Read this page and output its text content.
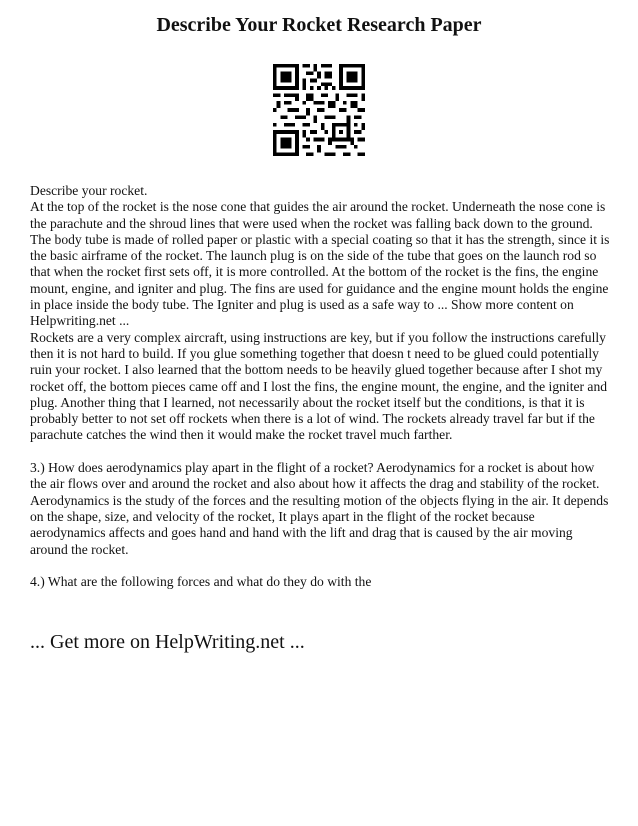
Describe Your Rocket Research Paper

Describe your rocket.

At the top of the rocket is the nose cone that guides the air around the rocket. Underneath the nose cone is the parachute and the shroud lines that were used when the rocket was falling back down to the ground. The body tube is made of rolled paper or plastic with a special coating so that it has the strength, since it is the basic airframe of the rocket. The launch plug is on the side of the tube that goes on the launch rod so that when the rocket first sets off, it is more controlled. At the bottom of the rocket is the fins, the engine mount, engine, and igniter and plug. The fins are used for guidance and the engine mount holds the engine in place inside the body tube. The Igniter and plug is used as a safe way to ... Show more content on Helpwriting.net ...

Rockets are a very complex aircraft, using instructions are key, but if you follow the instructions carefully then it is not hard to build. If you glue something together that doesn t need to be glued could potentially ruin your rocket. I also learned that the bottom needs to be heavily glued together because after I shot my rocket off, the bottom pieces came off and I lost the fins, the engine mount, the engine, and the igniter and plug. Another thing that I learned, not necessarily about the rocket itself but the conditions, is that it is probably better to not set off rockets when there is a lot of wind. The rockets already travel far but if the parachute catches the wind then it would make the rocket travel much farther.

3.) How does aerodynamics play apart in the flight of a rocket? Aerodynamics for a rocket is about how the air flows over and around the rocket and also about how it affects the drag and stability of the rocket. Aerodynamics is the study of the forces and the resulting motion of the objects flying in the air. It depends on the shape, size, and velocity of the rocket, It plays apart in the flight of the rocket because aerodynamics affects and goes hand and hand with the lift and drag that is caused by the air moving around the rocket.

4.) What are the following forces and what do they do with the

... Get more on HelpWriting.net ...
